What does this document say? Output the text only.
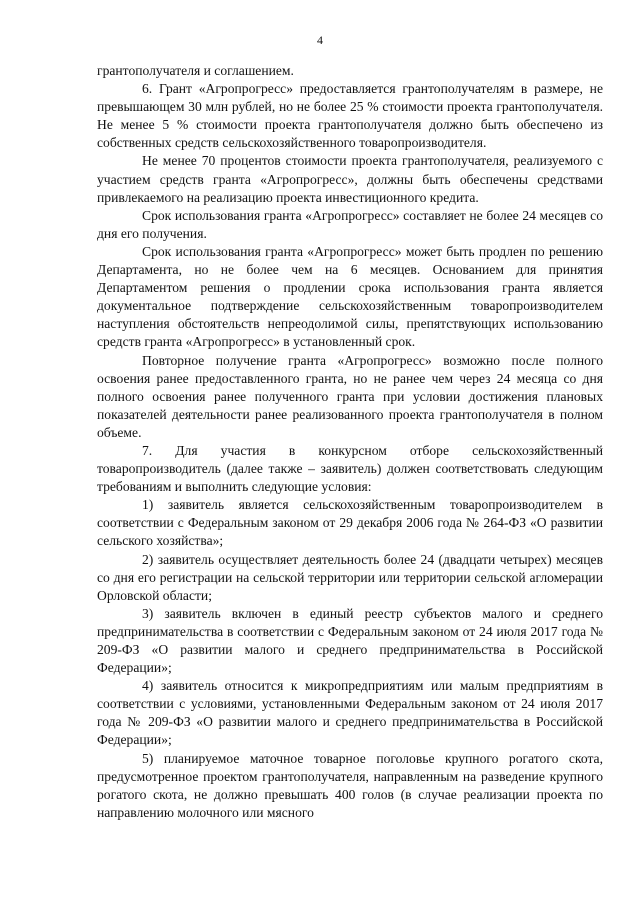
4

грантополучателя и соглашением.

6. Грант «Агропрогресс» предоставляется грантополучателям в размере, не превышающем 30 млн рублей, но не более 25 % стоимости проекта грантополучателя. Не менее 5 % стоимости проекта грантополучателя должно быть обеспечено из собственных средств сельскохозяйственного товаропроизводителя.

Не менее 70 процентов стоимости проекта грантополучателя, реализуемого с участием средств гранта «Агропрогресс», должны быть обеспечены средствами привлекаемого на реализацию проекта инвестиционного кредита.

Срок использования гранта «Агропрогресс» составляет не более 24 месяцев со дня его получения.

Срок использования гранта «Агропрогресс» может быть продлен по решению Департамента, но не более чем на 6 месяцев. Основанием для принятия Департаментом решения о продлении срока использования гранта является документальное подтверждение сельскохозяйственным товаропроизводителем наступления обстоятельств непреодолимой силы, препятствующих использованию средств гранта «Агропрогресс» в установленный срок.

Повторное получение гранта «Агропрогресс» возможно после полного освоения ранее предоставленного гранта, но не ранее чем через 24 месяца со дня полного освоения ранее полученного гранта при условии достижения плановых показателей деятельности ранее реализованного проекта грантополучателя в полном объеме.

7. Для участия в конкурсном отборе сельскохозяйственный товаропроизводитель (далее также – заявитель) должен соответствовать следующим требованиям и выполнить следующие условия:

1) заявитель является сельскохозяйственным товаропроизводителем в соответствии с Федеральным законом от 29 декабря 2006 года № 264-ФЗ «О развитии сельского хозяйства»;

2) заявитель осуществляет деятельность более 24 (двадцати четырех) месяцев со дня его регистрации на сельской территории или территории сельской агломерации Орловской области;

3) заявитель включен в единый реестр субъектов малого и среднего предпринимательства в соответствии с Федеральным законом от 24 июля 2017 года № 209-ФЗ «О развитии малого и среднего предпринимательства в Российской Федерации»;

4) заявитель относится к микропредприятиям или малым предприятиям в соответствии с условиями, установленными Федеральным законом от 24 июля 2017 года № 209-ФЗ «О развитии малого и среднего предпринимательства в Российской Федерации»;

5) планируемое маточное товарное поголовье крупного рогатого скота, предусмотренное проектом грантополучателя, направленным на разведение крупного рогатого скота, не должно превышать 400 голов (в случае реализации проекта по направлению молочного или мясного
